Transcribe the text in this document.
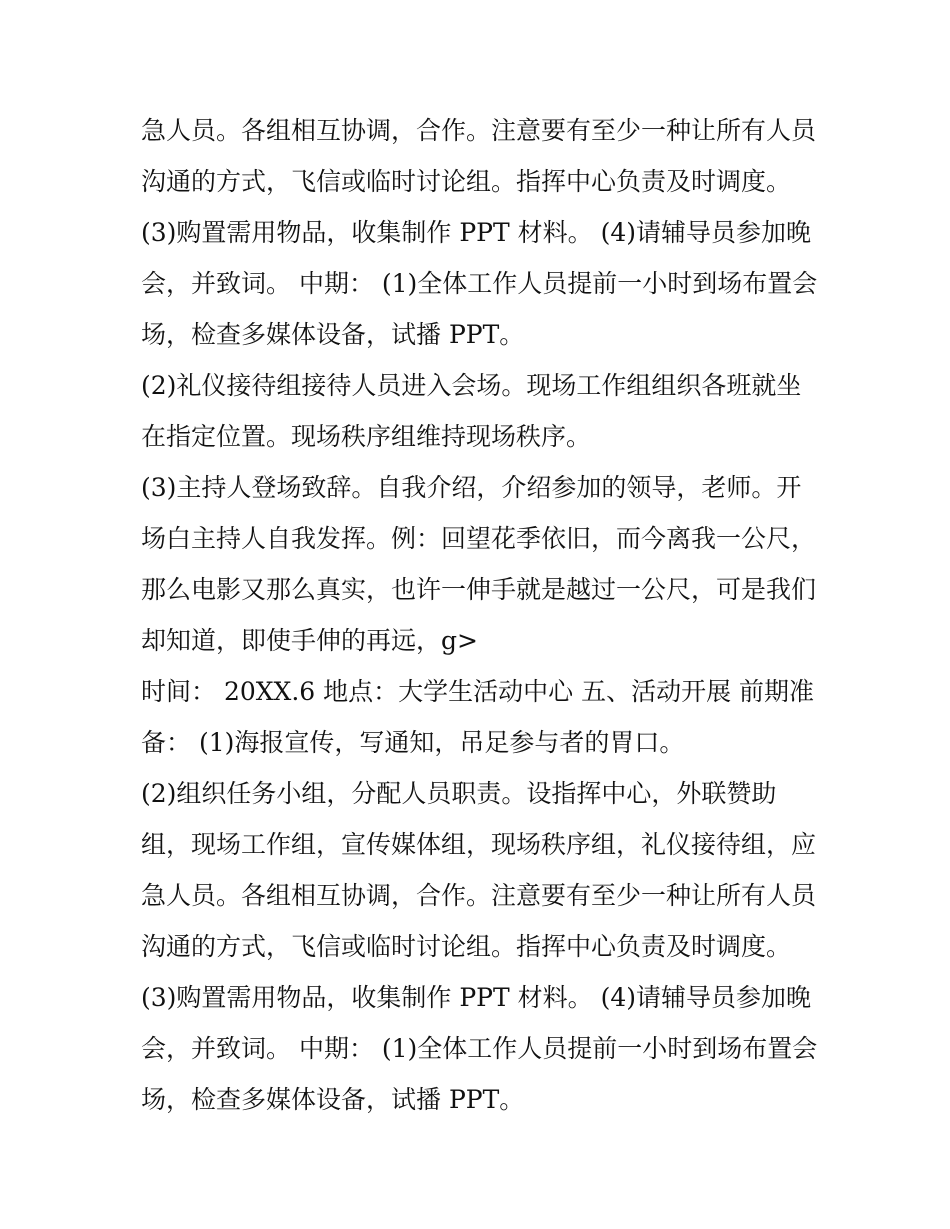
急人员。各组相互协调，合作。注意要有至少一种让所有人员
沟通的方式，飞信或临时讨论组。指挥中心负责及时调度。
(3)购置需用物品，收集制作 PPT 材料。 (4)请辅导员参加晚
会，并致词。 中期： (1)全体工作人员提前一小时到场布置会
场，检查多媒体设备，试播 PPT。
(2)礼仪接待组接待人员进入会场。现场工作组组织各班就坐
在指定位置。现场秩序组维持现场秩序。
(3)主持人登场致辞。自我介绍，介绍参加的领导，老师。开
场白主持人自我发挥。例：回望花季依旧，而今离我一公尺，
那么电影又那么真实，也许一伸手就是越过一公尺，可是我们
却知道，即使手伸的再远，g>
时间： 20XX.6 地点：大学生活动中心 五、活动开展 前期准
备： (1)海报宣传，写通知，吊足参与者的胃口。
(2)组织任务小组，分配人员职责。设指挥中心，外联赞助
组，现场工作组，宣传媒体组，现场秩序组，礼仪接待组，应
急人员。各组相互协调，合作。注意要有至少一种让所有人员
沟通的方式，飞信或临时讨论组。指挥中心负责及时调度。
(3)购置需用物品，收集制作 PPT 材料。 (4)请辅导员参加晚
会，并致词。 中期： (1)全体工作人员提前一小时到场布置会
场，检查多媒体设备，试播 PPT。
